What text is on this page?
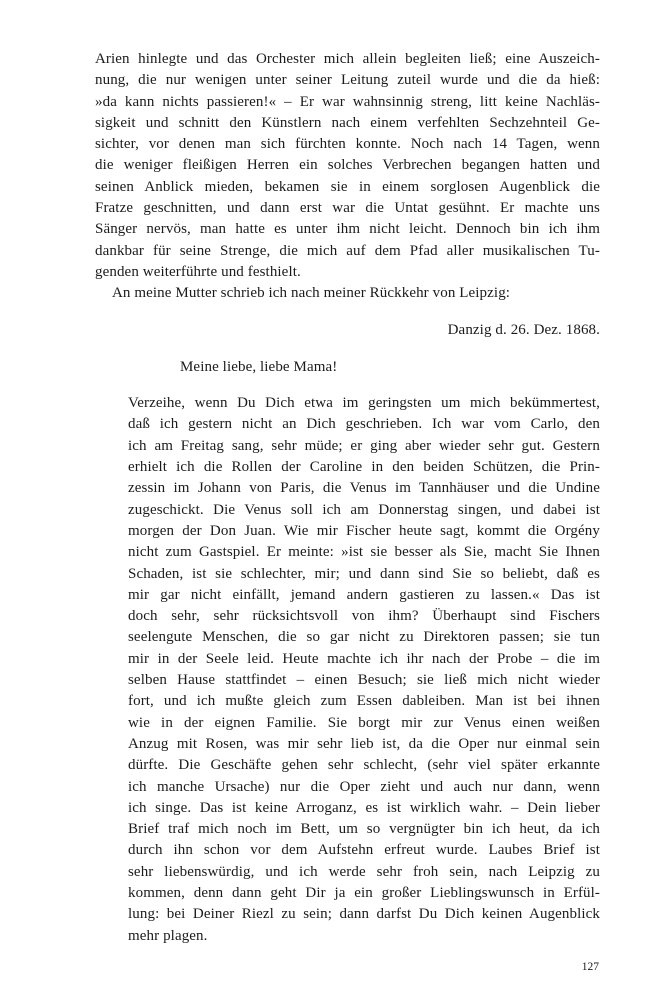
Arien hinlegte und das Orchester mich allein begleiten ließ; eine Auszeich-
nung, die nur wenigen unter seiner Leitung zuteil wurde und die da hieß:
»da kann nichts passieren!« – Er war wahnsinnig streng, litt keine Nachläs-
sigkeit und schnitt den Künstlern nach einem verfehlten Sechzehnteil Ge-
sichter, vor denen man sich fürchten konnte. Noch nach 14 Tagen, wenn
die weniger fleißigen Herren ein solches Verbrechen begangen hatten und
seinen Anblick mieden, bekamen sie in einem sorglosen Augenblick die
Fratze geschnitten, und dann erst war die Untat gesühnt. Er machte uns
Sänger nervös, man hatte es unter ihm nicht leicht. Dennoch bin ich ihm
dankbar für seine Strenge, die mich auf dem Pfad aller musikalischen Tu-
genden weiterführte und festhielt.
An meine Mutter schrieb ich nach meiner Rückkehr von Leipzig:
Danzig d. 26. Dez. 1868.
Meine liebe, liebe Mama!
Verzeihe, wenn Du Dich etwa im geringsten um mich bekümmertest,
daß ich gestern nicht an Dich geschrieben. Ich war vom Carlo, den
ich am Freitag sang, sehr müde; er ging aber wieder sehr gut. Gestern
erhielt ich die Rollen der Caroline in den beiden Schützen, die Prin-
zessin im Johann von Paris, die Venus im Tannhäuser und die Undine
zugeschickt. Die Venus soll ich am Donnerstag singen, und dabei ist
morgen der Don Juan. Wie mir Fischer heute sagt, kommt die Orgény
nicht zum Gastspiel. Er meinte: »ist sie besser als Sie, macht Sie Ihnen
Schaden, ist sie schlechter, mir; und dann sind Sie so beliebt, daß es
mir gar nicht einfällt, jemand andern gastieren zu lassen.« Das ist
doch sehr, sehr rücksichtsvoll von ihm? Überhaupt sind Fischers
seelengute Menschen, die so gar nicht zu Direktoren passen; sie tun
mir in der Seele leid. Heute machte ich ihr nach der Probe – die im
selben Hause stattfindet – einen Besuch; sie ließ mich nicht wieder
fort, und ich mußte gleich zum Essen dableiben. Man ist bei ihnen
wie in der eignen Familie. Sie borgt mir zur Venus einen weißen
Anzug mit Rosen, was mir sehr lieb ist, da die Oper nur einmal sein
dürfte. Die Geschäfte gehen sehr schlecht, (sehr viel später erkannte
ich manche Ursache) nur die Oper zieht und auch nur dann, wenn
ich singe. Das ist keine Arroganz, es ist wirklich wahr. – Dein lieber
Brief traf mich noch im Bett, um so vergnügter bin ich heut, da ich
durch ihn schon vor dem Aufstehn erfreut wurde. Laubes Brief ist
sehr liebenswürdig, und ich werde sehr froh sein, nach Leipzig zu
kommen, denn dann geht Dir ja ein großer Lieblingswunsch in Erfül-
lung: bei Deiner Riezl zu sein; dann darfst Du Dich keinen Augenblick
mehr plagen.
127
